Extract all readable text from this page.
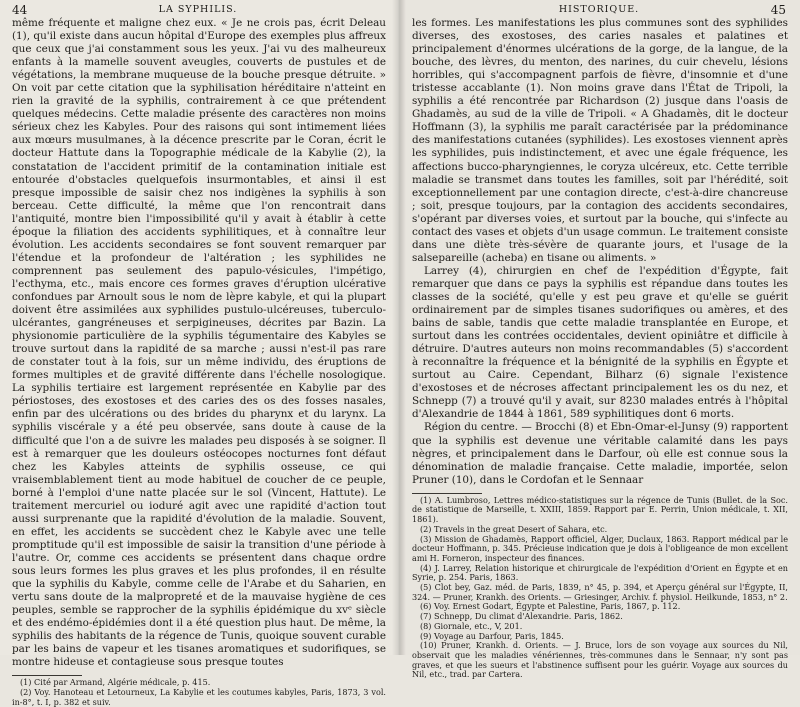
44	LA SYPHILIS.

même fréquente et maligne chez eux. « Je ne crois pas, écrit Deleau (1), qu'il existe dans aucun hôpital d'Europe des exemples plus affreux que ceux que j'ai constamment sous les yeux. J'ai vu des malheureux enfants à la mamelle souvent aveugles, couverts de pustules et de végétations, la membrane muqueuse de la bouche presque détruite. » On voit par cette citation que la syphilisation héréditaire n'atteint en rien la gravité de la syphilis, contrairement à ce que prétendent quelques médecins. Cette maladie présente des caractères non moins sérieux chez les Kabyles. Pour des raisons qui sont intimement liées aux mœurs musulmanes, à la décence prescrite par le Coran, écrit le docteur Hattute dans la Topographie médicale de la Kabylie (2), la constatation de l'accident primitif de la contamination initiale est entourée d'obstacles quelquefois insurmontables, et ainsi il est presque impossible de saisir chez nos indigènes la syphilis à son berceau. Cette difficulté, la même que l'on rencontrait dans l'antiquité, montre bien l'impossibilité qu'il y avait à établir à cette époque la filiation des accidents syphilitiques, et à connaître leur évolution. Les accidents secondaires se font souvent remarquer par l'étendue et la profondeur de l'altération ; les syphilides ne comprennent pas seulement des papulo-vésicules, l'impétigo, l'ecthyma, etc., mais encore ces formes graves d'éruption ulcérative confondues par Arnoult sous le nom de lèpre kabyle, et qui la plupart doivent être assimilées aux syphilides pustulo-ulcéreuses, tuberculo-ulcérantes, gangréneuses et serpigineuses, décrites par Bazin. La physionomie particulière de la syphilis tégumentaire des Kabyles se trouve surtout dans la rapidité de sa marche ; aussi n'est-il pas rare de constater tout à la fois, sur un même individu, des éruptions de formes multiples et de gravité différente dans l'échelle nosologique. La syphilis tertiaire est largement représentée en Kabylie par des périostoses, des exostoses et des caries des os des fosses nasales, enfin par des ulcérations ou des brides du pharynx et du larynx. La syphilis viscérale y a été peu observée, sans doute à cause de la difficulté que l'on a de suivre les malades peu disposés à se soigner. Il est à remarquer que les douleurs ostéocopes nocturnes font défaut chez les Kabyles atteints de syphilis osseuse, ce qui vraisemblablement tient au mode habituel de coucher de ce peuple, borné à l'emploi d'une natte placée sur le sol (Vincent, Hattute). Le traitement mercuriel ou ioduré agit avec une rapidité d'action tout aussi surprenante que la rapidité d'évolution de la maladie. Souvent, en effet, les accidents se succèdent chez le Kabyle avec une telle promptitude qu'il est impossible de saisir la transition d'une période à l'autre. Or, comme ces accidents se présentent dans chaque ordre sous leurs formes les plus graves et les plus profondes, il en résulte que la syphilis du Kabyle, comme celle de l'Arabe et du Saharien, en vertu sans doute de la malpropreté et de la mauvaise hygiène de ces peuples, semble se rapprocher de la syphilis épidémique du xvᵉ siècle et des endémo-épidémies dont il a été question plus haut. De même, la syphilis des habitants de la régence de Tunis, quoique souvent curable par les bains de vapeur et les tisanes aromatiques et sudorifiques, se montre hideuse et contagieuse sous presque toutes

(1) Cité par Armand, Algérie médicale, p. 415.

(2) Voy. Hanoteau et Letourneux, La Kabylie et les coutumes kabyles, Paris, 1873, 3 vol. in-8°, t. I, p. 382 et suiv.

HISTORIQUE.	45

les formes. Les manifestations les plus communes sont des syphilides diverses, des exostoses, des caries nasales et palatines et principalement d'énormes ulcérations de la gorge, de la langue, de la bouche, des lèvres, du menton, des narines, du cuir chevelu, lésions horribles, qui s'accompagnent parfois de fièvre, d'insomnie et d'une tristesse accablante (1). Non moins grave dans l'État de Tripoli, la syphilis a été rencontrée par Richardson (2) jusque dans l'oasis de Ghadamès, au sud de la ville de Tripoli. « A Ghadamès, dit le docteur Hoffmann (3), la syphilis me paraît caractérisée par la prédominance des manifestations cutanées (syphilides). Les exostoses viennent après les syphilides, puis indistinctement, et avec une égale fréquence, les affections bucco-pharyngiennes, le coryza ulcéreux, etc. Cette terrible maladie se transmet dans toutes les familles, soit par l'hérédité, soit exceptionnellement par une contagion directe, c'est-à-dire chancreuse ; soit, presque toujours, par la contagion des accidents secondaires, s'opérant par diverses voies, et surtout par la bouche, qui s'infecte au contact des vases et objets d'un usage commun. Le traitement consiste dans une diète très-sévère de quarante jours, et l'usage de la salsepareille (acheba) en tisane ou aliments. »

Larrey (4), chirurgien en chef de l'expédition d'Égypte, fait remarquer que dans ce pays la syphilis est répandue dans toutes les classes de la société, qu'elle y est peu grave et qu'elle se guérit ordinairement par de simples tisanes sudorifiques ou amères, et des bains de sable, tandis que cette maladie transplantée en Europe, et surtout dans les contrées occidentales, devient opiniâtre et difficile à détruire. D'autres auteurs non moins recommandables (5) s'accordent à reconnaître la fréquence et la bénignité de la syphilis en Égypte et surtout au Caire. Cependant, Bilharz (6) signale l'existence d'exostoses et de nécroses affectant principalement les os du nez, et Schnepp (7) a trouvé qu'il y avait, sur 8230 malades entrés à l'hôpital d'Alexandrie de 1844 à 1861, 589 syphilitiques dont 6 morts.

Région du centre. — Brocchi (8) et Ebn-Omar-el-Junsy (9) rapportent que la syphilis est devenue une véritable calamité dans les pays nègres, et principalement dans le Darfour, où elle est connue sous la dénomination de maladie française. Cette maladie, importée, selon Pruner (10), dans le Cordofan et le Sennaar

(1) A. Lumbroso, Lettres médico-statistiques sur la régence de Tunis (Bullet. de la Soc. de statistique de Marseille, t. XXIII, 1859. Rapport par E. Perrin, Union médicale, t. XII, 1861).

(2) Travels in the great Desert of Sahara, etc.

(3) Mission de Ghadamès, Rapport officiel, Alger, Duclaux, 1863. Rapport médical par le docteur Hoffmann, p. 345. Précieuse indication que je dois à l'obligeance de mon excellent ami H. Forneron, inspecteur des finances.

(4) J. Larrey, Relation historique et chirurgicale de l'expédition d'Orient en Égypte et en Syrie, p. 254. Paris, 1863.

(5) Clot bey, Gaz. méd. de Paris, 1839, n° 45, p. 394, et Aperçu général sur l'Égypte, II, 324. — Pruner, Krankh. des Orients. — Griesinger, Archiv. f. physiol. Heilkunde, 1853, n° 2.

(6) Voy. Ernest Godart, Égypte et Palestine, Paris, 1867, p. 112.

(7) Schnepp, Du climat d'Alexandrie. Paris, 1862.

(8) Giornale, etc., V, 201.

(9) Voyage au Darfour, Paris, 1845.

(10) Pruner, Krankh. d. Orients. — J. Bruce, lors de son voyage aux sources du Nil, observait que les maladies vénériennes, très-communes dans le Sennaar, n'y sont pas graves, et que les sueurs et l'abstinence suffisent pour les guérir. Voyage aux sources du Nil, etc., trad. par Cartera.
